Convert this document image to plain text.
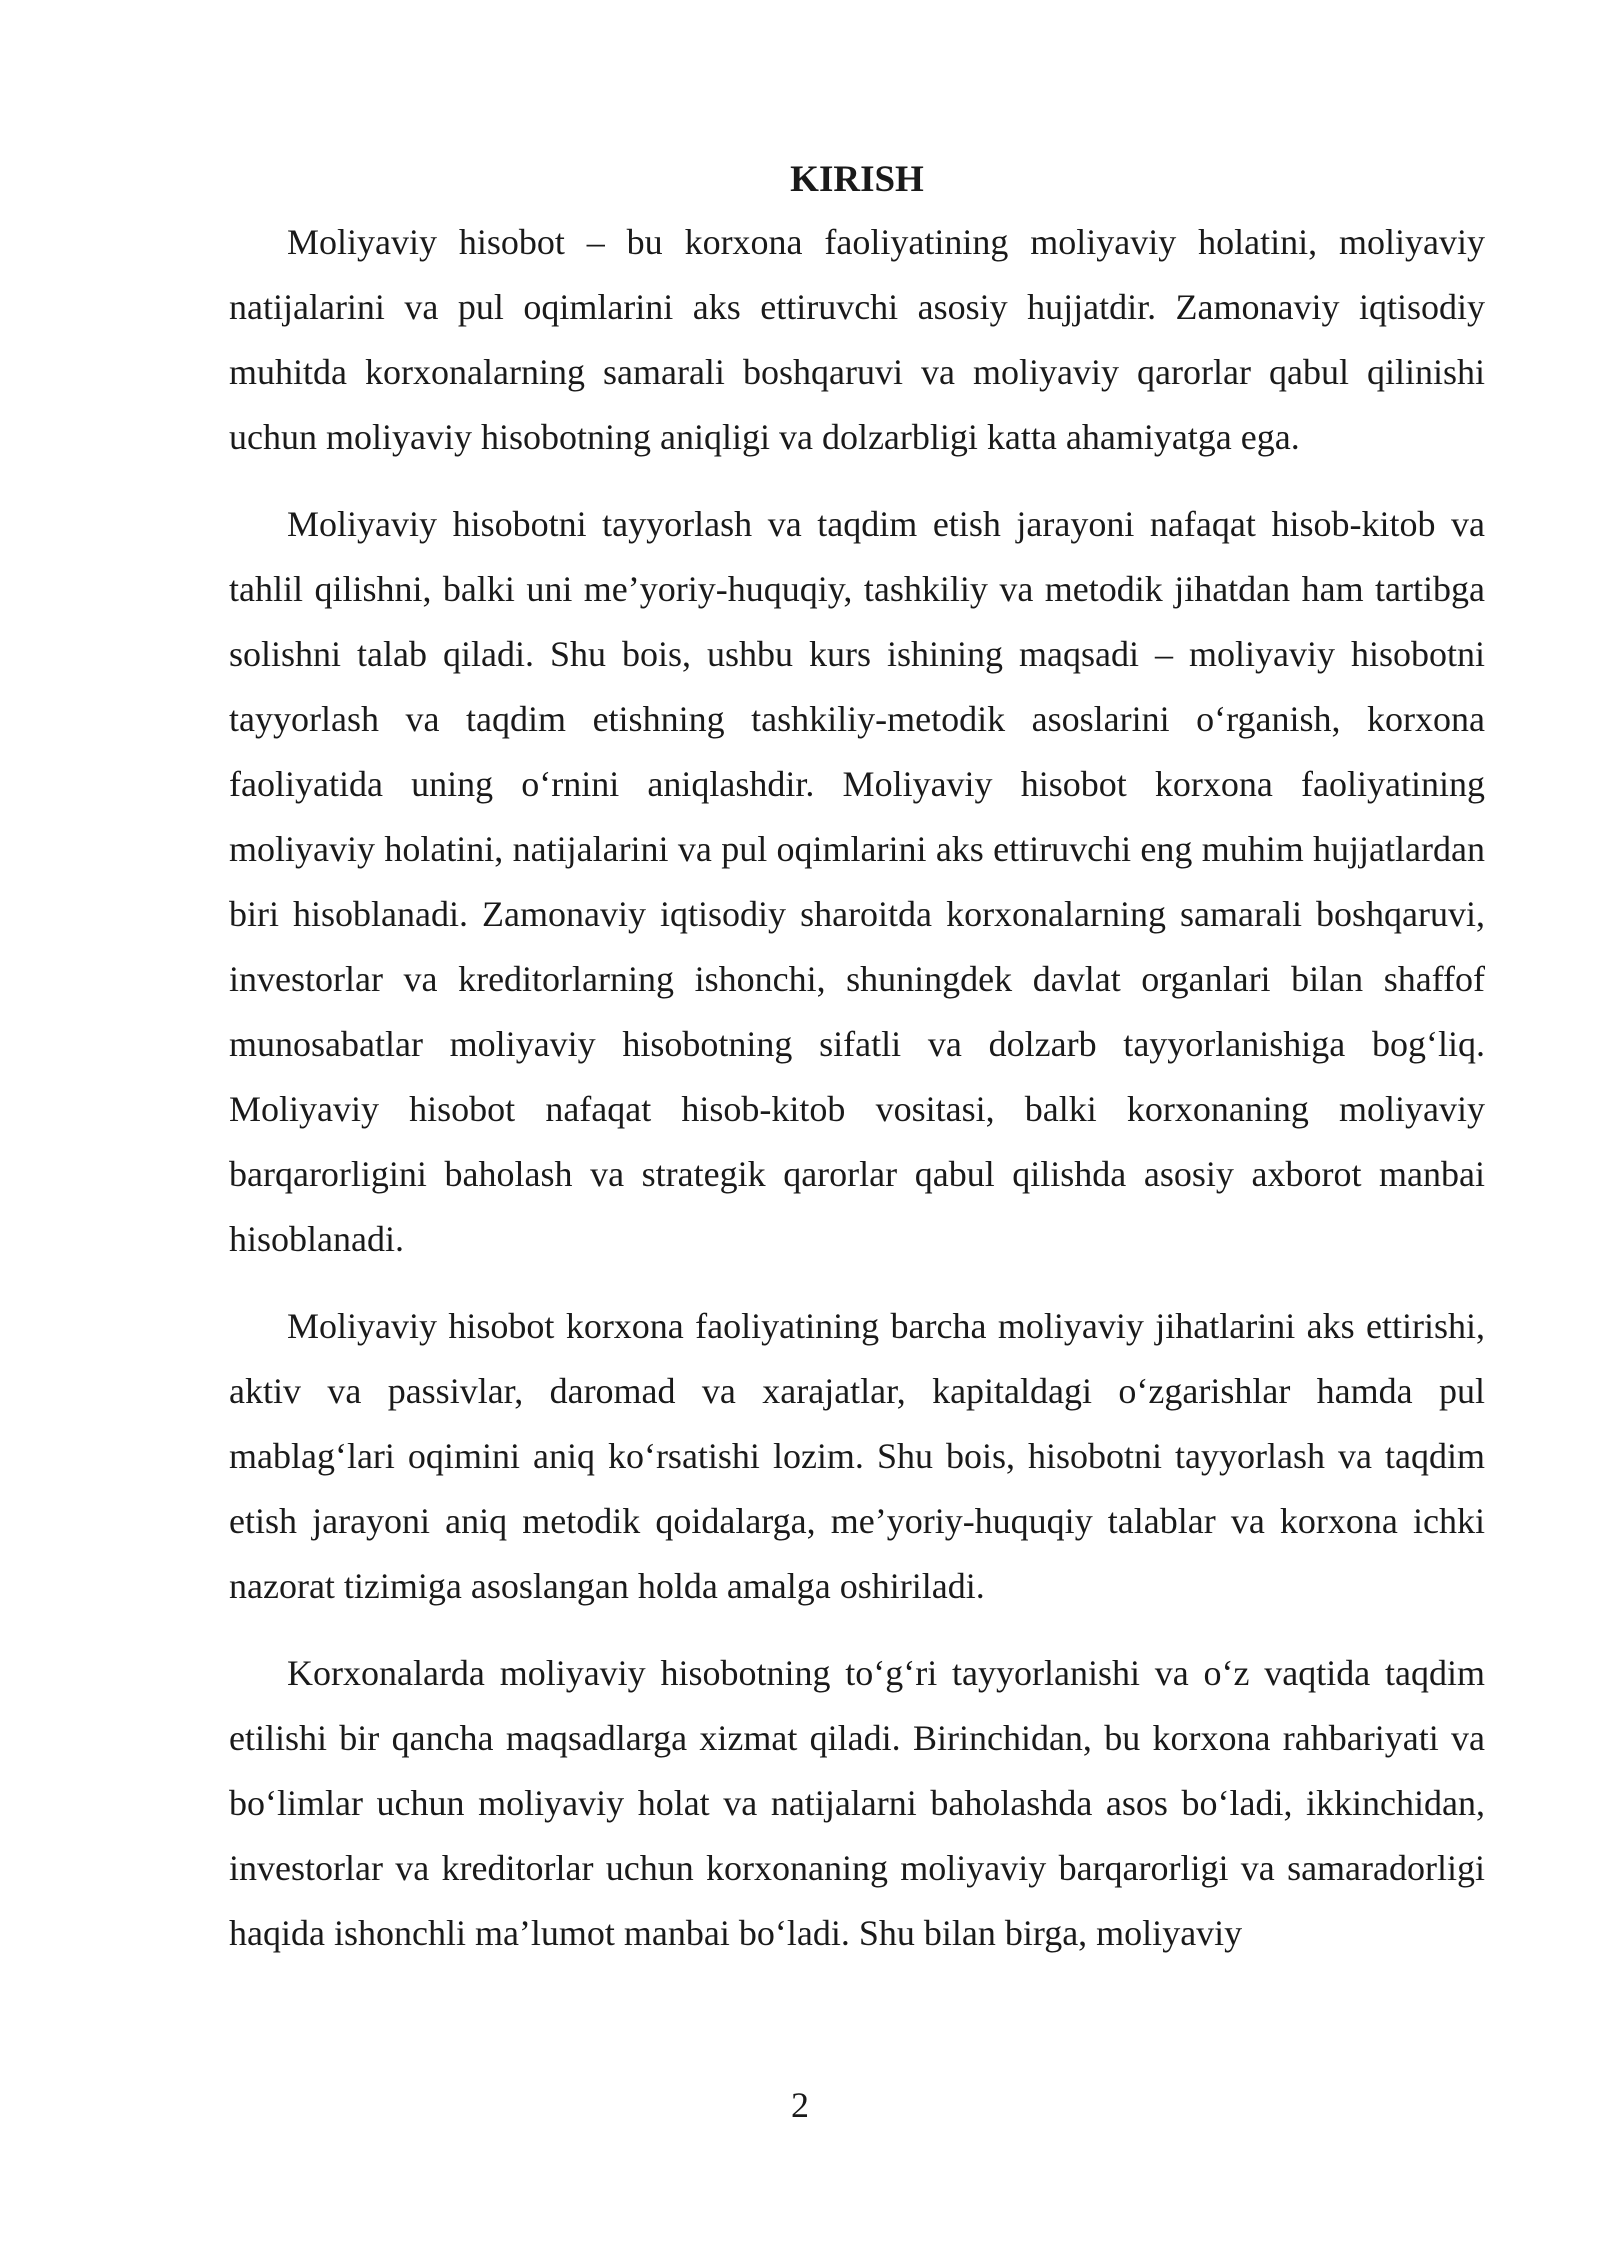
KIRISH

Moliyaviy hisobot – bu korxona faoliyatining moliyaviy holatini, moliyaviy natijalarini va pul oqimlarini aks ettiruvchi asosiy hujjatdir. Zamonaviy iqtisodiy muhitda korxonalarning samarali boshqaruvi va moliyaviy qarorlar qabul qilinishi uchun moliyaviy hisobotning aniqligi va dolzarbligi katta ahamiyatga ega.

Moliyaviy hisobotni tayyorlash va taqdim etish jarayoni nafaqat hisob-kitob va tahlil qilishni, balki uni me’yoriy-huquqiy, tashkiliy va metodik jihatdan ham tartibga solishni talab qiladi. Shu bois, ushbu kurs ishining maqsadi – moliyaviy hisobotni tayyorlash va taqdim etishning tashkiliy-metodik asoslarini o‘rganish, korxona faoliyatida uning o‘rnini aniqlashdir. Moliyaviy hisobot korxona faoliyatining moliyaviy holatini, natijalarini va pul oqimlarini aks ettiruvchi eng muhim hujjatlardan biri hisoblanadi. Zamonaviy iqtisodiy sharoitda korxonalarning samarali boshqaruvi, investorlar va kreditorlarning ishonchi, shuningdek davlat organlari bilan shaffof munosabatlar moliyaviy hisobotning sifatli va dolzarb tayyorlanishiga bog‘liq. Moliyaviy hisobot nafaqat hisob-kitob vositasi, balki korxonaning moliyaviy barqarorligini baholash va strategik qarorlar qabul qilishda asosiy axborot manbai hisoblanadi.

Moliyaviy hisobot korxona faoliyatining barcha moliyaviy jihatlarini aks ettirishi, aktiv va passivlar, daromad va xarajatlar, kapitaldagi o‘zgarishlar hamda pul mablag‘lari oqimini aniq ko‘rsatishi lozim. Shu bois, hisobotni tayyorlash va taqdim etish jarayoni aniq metodik qoidalarga, me’yoriy-huquqiy talablar va korxona ichki nazorat tizimiga asoslangan holda amalga oshiriladi.

Korxonalarda moliyaviy hisobotning to‘g‘ri tayyorlanishi va o‘z vaqtida taqdim etilishi bir qancha maqsadlarga xizmat qiladi. Birinchidan, bu korxona rahbariyati va bo‘limlar uchun moliyaviy holat va natijalarni baholashda asos bo‘ladi, ikkinchidan, investorlar va kreditorlar uchun korxonaning moliyaviy barqarorligi va samaradorligi haqida ishonchli ma’lumot manbai bo‘ladi. Shu bilan birga, moliyaviy

2
